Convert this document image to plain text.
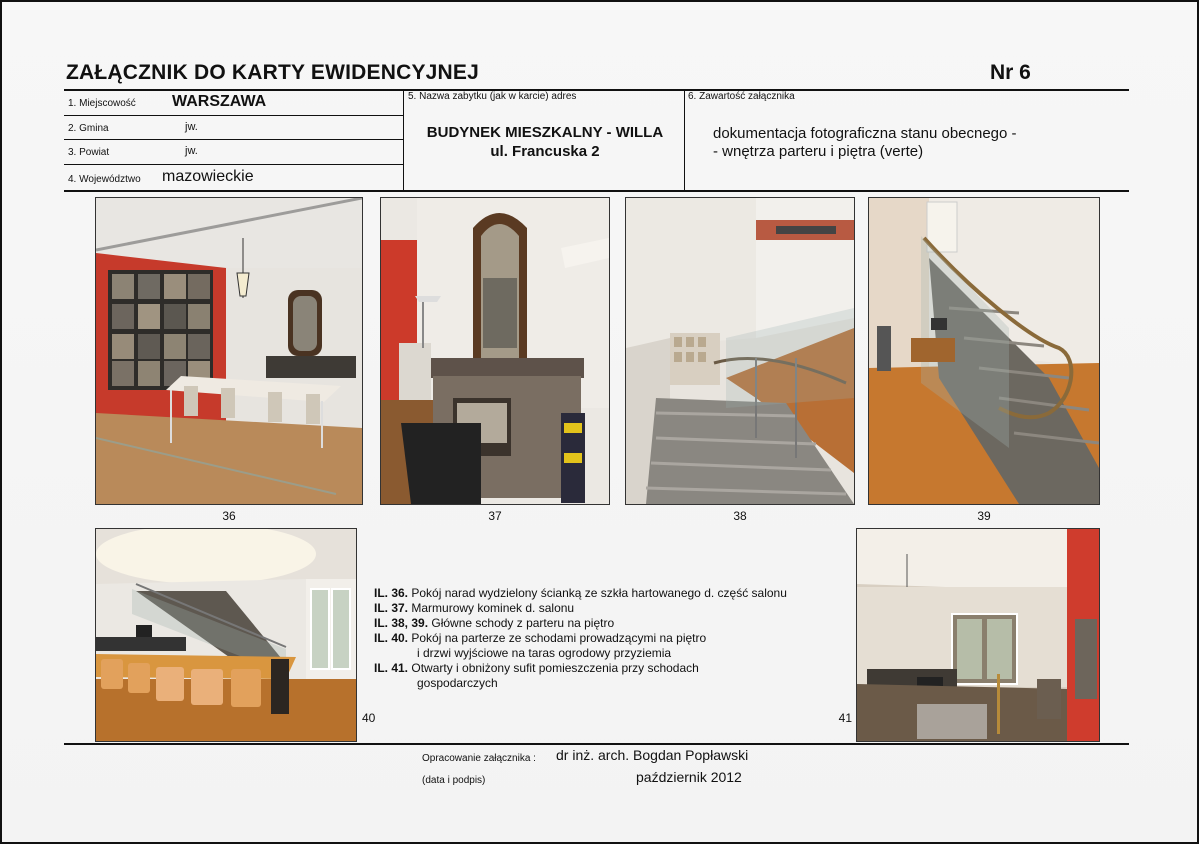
ZAŁĄCZNIK DO KARTY EWIDENCYJNEJ	Nr 6
1. Miejscowość WARSZAWA
2. Gmina	jw.
3. Powiat	jw.
4. Województwo mazowieckie
5. Nazwa zabytku (jak w karcie) adres
BUDYNEK MIESZKALNY - WILLA
ul. Francuska 2
6. Zawartość załącznika
dokumentacja fotograficzna stanu obecnego -
- wnętrza parteru i piętra (verte)
36	37	38	39
40	41
IL. 36. Pokój narad wydzielony ścianką ze szkła hartowanego d. część salonu
IL. 37. Marmurowy kominek d. salonu
IL. 38, 39. Główne schody z parteru na piętro
IL. 40. Pokój na parterze ze schodami prowadzącymi na piętro
i drzwi wyjściowe na taras ogrodowy przyziemia
IL. 41. Otwarty i obniżony sufit pomieszczenia przy schodach
gospodarczych
Opracowanie załącznika : dr inż. arch. Bogdan Popławski
(data i podpis)	październik 2012
